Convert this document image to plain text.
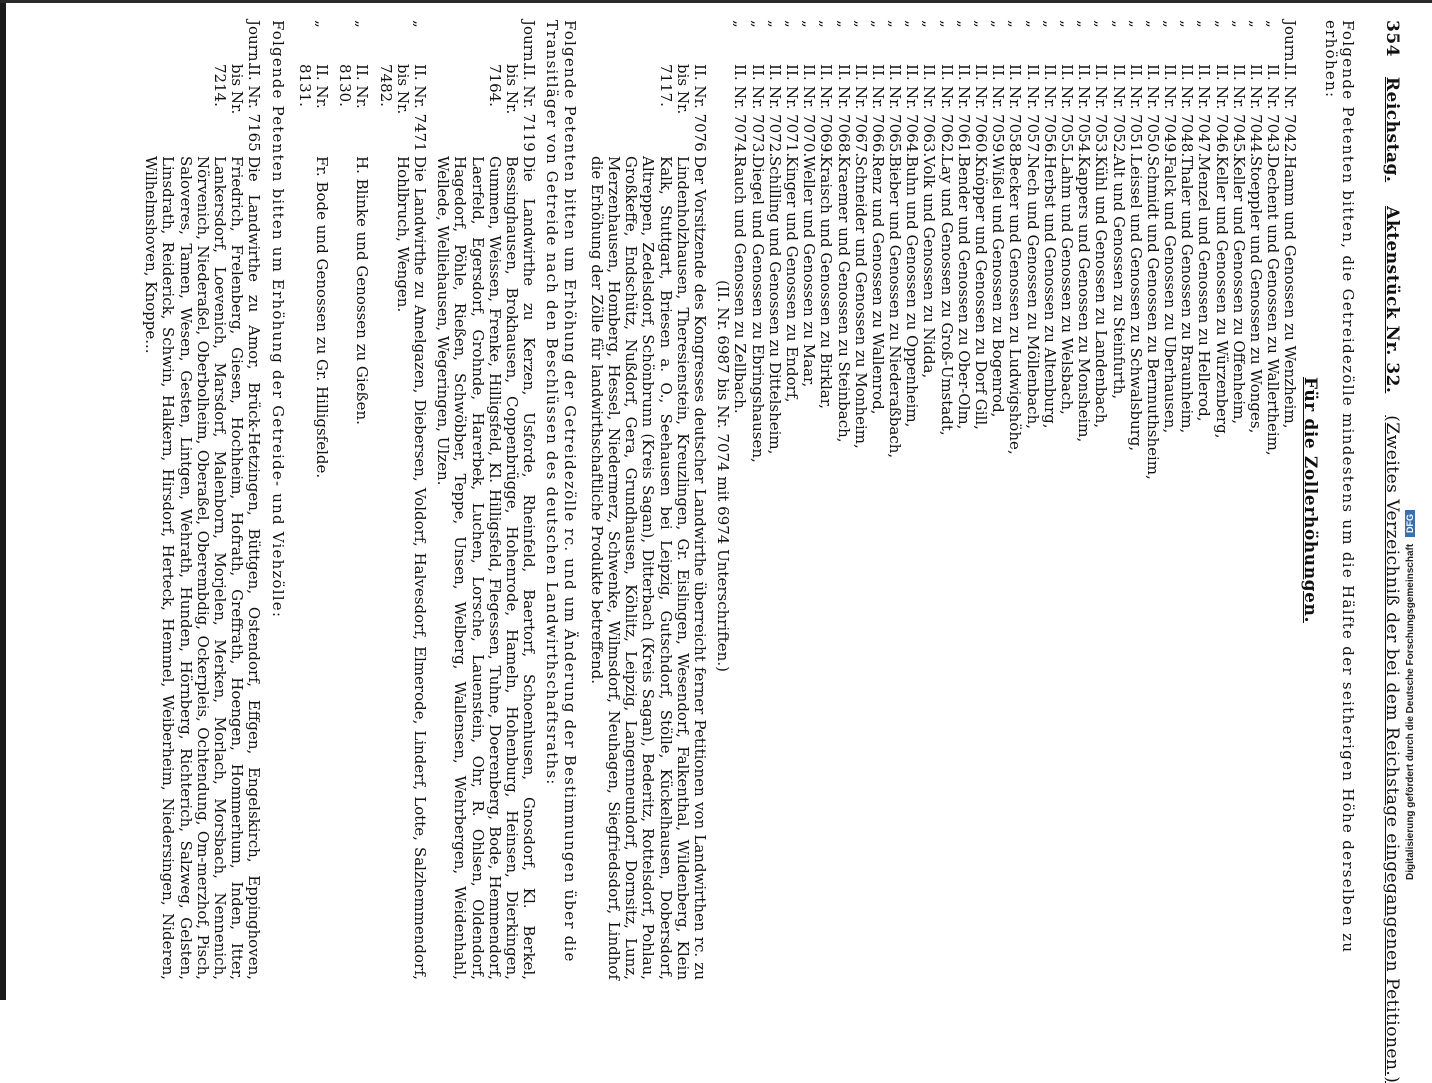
354 Reichstag. Aktenstück Nr. 32. (Zweites Verzeichniß der bei dem Reichstage eingegangenen Petitionen.)
Folgende Petenten bitten, die Getreidezölle mindestens um die Hälfte der seitherigen Höhe derselben zu erhöhen:
Für die Zollerhöhungen.
Journ.
II.
Nr. 7042.
Hamm und Genossen zu Wenzheim,
„
II.
Nr. 7043.
Dechent und Genossen zu Wallertheim,
„
II.
Nr. 7044.
Stoeppler und Genossen zu Wonges,
„
II.
Nr. 7045.
Keller und Genossen zu Offenheim,
„
II.
Nr. 7046.
Keller und Genossen zu Würzenberg,
„
II.
Nr. 7047.
Menzel und Genossen zu Hellerod,
„
II.
Nr. 7048.
Thaler und Genossen zu Braunheim,
„
II.
Nr. 7049.
Falck und Genossen zu Uberhausen,
„
II.
Nr. 7050.
Schmidt und Genossen zu Bernnuthsheim,
„
II.
Nr. 7051.
Leissel und Genossen zu Schwalsburg,
„
II.
Nr. 7052.
Alt und Genossen zu Steinfurth,
„
II.
Nr. 7053.
Kühl und Genossen zu Landenbach,
„
II.
Nr. 7054.
Kappers und Genossen zu Monsheim,
„
II.
Nr. 7055.
Lahm und Genossen zu Welsbach,
„
II.
Nr. 7056.
Herbst und Genossen zu Altenburg,
„
II.
Nr. 7057.
Nech und Genossen zu Möllenbach,
„
II.
Nr. 7058.
Becker und Genossen zu Ludwigshöhe,
„
II.
Nr. 7059.
Wißel und Genossen zu Bogenrod,
„
II.
Nr. 7060.
Knöpper und Genossen zu Dorf Gill,
„
II.
Nr. 7061.
Bender und Genossen zu Ober-Olm,
„
II.
Nr. 7062.
Lay und Genossen zu Groß-Umstadt,
„
II.
Nr. 7063.
Volk und Genossen zu Nidda,
„
II.
Nr. 7064.
Buhn und Genossen zu Oppenheim,
„
II.
Nr. 7065.
Bieber und Genossen zu Niederaßbach,
„
II.
Nr. 7066.
Renz und Genossen zu Wallenrod,
„
II.
Nr. 7067.
Schneider und Genossen zu Monheim,
„
II.
Nr. 7068.
Kraemer und Genossen zu Steinbach,
„
II.
Nr. 7069.
Kraisch und Genossen zu Birklar,
„
II.
Nr. 7070.
Weller und Genossen zu Maar,
„
II.
Nr. 7071.
Kinger und Genossen zu Endorf,
„
II.
Nr. 7072.
Schilling und Genossen zu Dittelsheim,
„
II.
Nr. 7073.
Diegel und Genossen zu Ebringshausen,
„
II.
Nr. 7074.
Rauch und Genossen zu Zellbach.
(II. Nr. 6987 bis Nr. 7074 mit 6974 Unterschriften.)
II. Nr. 7076 bis Nr. 7117.
Der Vorsitzende des Kongresses deutscher Landwirthe überreicht ferner Petitionen von Landwirthen rc. zu Lindenholzhausen, Theresienstein, Kreuzlingen, Gr. Eislingen, Wesendorf, Falkenthal, Wildenberg, Klein Kalk, Stuttgart, Briesen a. O., Seehausen bei Leipzig, Gutschdorf, Stölle, Kückelhausen, Dobersdorf, Altreppen, Zedelsdorf, Schönbrunn (Kreis Sagan), Ditterbach (Kreis Sagan), Bederitz, Rottelsdorf, Pohlau, Großkeffe, Endschütz, Nußdorf, Gera, Grundhausen, Köhlitz, Leipzig, Langenneundorf, Dornsitz, Lunz, Merzenhausen, Homberg, Hessel, Niedermerz, Schwenke, Wilmsdorf, Neuhagen, Siegfriedsdorf, Lindhof die Erhöhung der Zölle für landwirthschaftliche Produkte betreffend.
Folgende Petenten bitten um Erhöhung der Getreidezölle rc. und um Änderung der Bestimmungen über die Transitläger von Getreide nach den Beschlüssen des deutschen Landwirthschaftsraths:
Journ.
II. Nr. 7119 bis Nr. 7164.
Die Landwirthe zu Kerzen, Usforde, Rheinfeld, Baertorf, Schoenhusen, Gnosdorf, Kl. Berkel, Bessinghausen, Brokhausen, Coppenbrügge, Hohenrode, Hameln, Hohenburg, Heinsen, Dierkingen, Gummen, Weissen, Frenke, Hilligsfeld, Kl. Hilligsfeld, Flegessen, Tuhne, Doerenberg, Bode, Hemmendorf, Laerfeld, Egersdorf, Grohnde, Harerbek, Luchen, Lorsche, Lauenstein, Ohr, R. Ohlsen, Oldendorf, Hagedorf, Pöhle, Rießen, Schwöbber, Teppe, Unsen, Welberg, Wallensen, Wehrbergen, Weidenhahl, Wellede, Welliehausen, Wegeringen, Ulzen.
„
II. Nr. 7471 bis Nr. 7482.
Die Landwirthe zu Amelgazen, Diebersen, Voldorf, Halvesdorf, Elmerode, Linderf, Lotte, Salzhemmendorf, Hohlbruch, Wengen.
„
II. Nr. 8130.
H. Blinke und Genossen zu Gießen.
„
II. Nr. 8131.
Fr. Bode und Genossen zu Gr. Hilligsfelde.
Folgende Petenten bitten um Erhöhung der Getreide- und Viehzölle:
Journ.
II. Nr. 7165 bis Nr. 7214.
Die Landwirthe zu Amor, Brück-Hetzingen, Büttgen, Ostendorf, Effgen, Engelskirch, Eppinghoven, Friedrich, Frelenberg, Giesen, Hochheim, Hofrath, Greffrath, Hoengen, Hommerhum, Inden, Itter, Lankersdorf, Loevenich, Marsdorf, Malenborn, Morjelen, Merken, Morlach, Morsbach, Nennenich, Nörvenich, Niederaßel, Oberbolheim, Oberaßel, Oberembdig, Ockerpleis, Ochtendung, Om-merzhof, Pisch, Saloveres, Tamen, Wesen, Gesten, Lintgen, Wehrath, Hunden, Hörnberg, Richterich, Salzweg, Gelsten, Linsdrath, Reiderick, Schwin, Halkern, Hirsdorf, Herteck, Hemmel, Weiberheim, Niedersingen, Nideren, Wilhelmshoven, Knoppe...
Digitalisierung gefördert durch die Deutsche Forschungsgemeinschaft DFG
